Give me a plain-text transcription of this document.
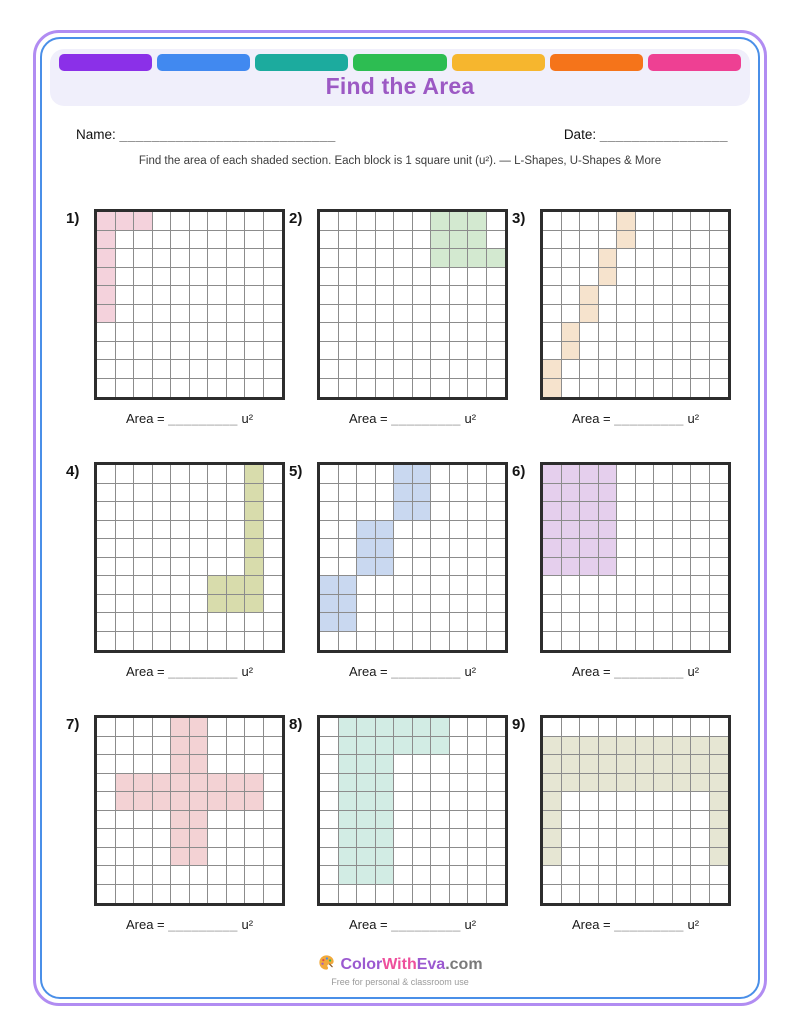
Find the Area
Name: ___________________________	Date: ________________
Find the area of each shaded section. Each block is 1 square unit (u²). — L-Shapes, U-Shapes & More
1)
Area = _________ u²
2)
Area = _________ u²
3)
Area = _________ u²
4)
Area = _________ u²
5)
Area = _________ u²
6)
Area = _________ u²
7)
Area = _________ u²
8)
Area = _________ u²
9)
Area = _________ u²
ColorWithEva.com
Free for personal & classroom use
